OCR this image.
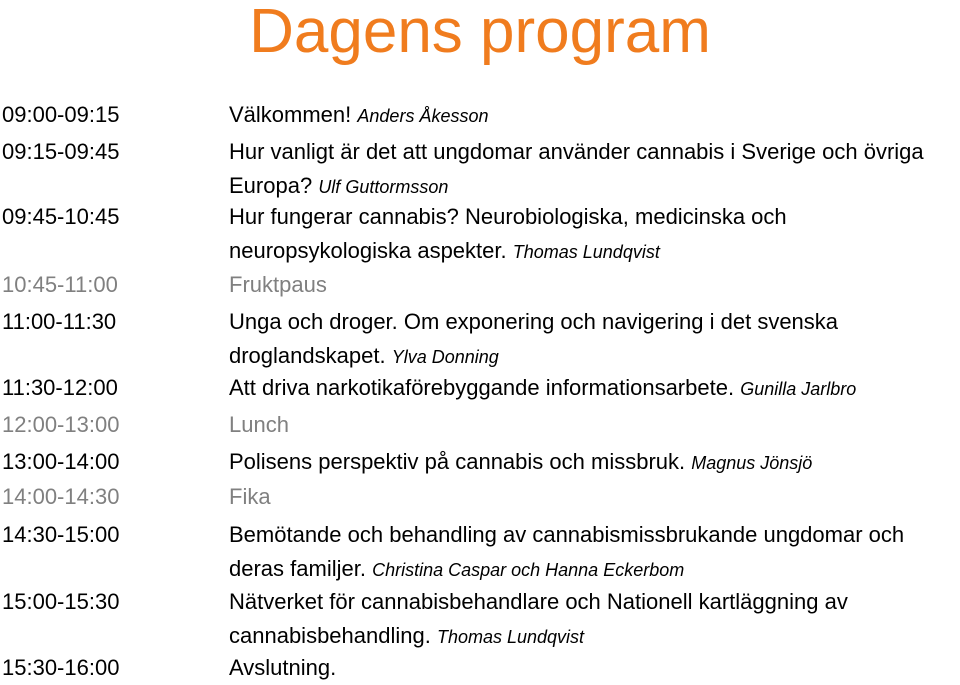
Dagens program
09:00-09:15	Välkommen! Anders Åkesson
09:15-09:45	Hur vanligt är det att ungdomar använder cannabis i Sverige och övriga Europa? Ulf Guttormsson
09:45-10:45	Hur fungerar cannabis? Neurobiologiska, medicinska och neuropsykologiska aspekter. Thomas Lundqvist
10:45-11:00	Fruktpaus
11:00-11:30	Unga och droger. Om exponering och navigering i det svenska droglandskapet. Ylva Donning
11:30-12:00	Att driva narkotikaförebyggande informationsarbete. Gunilla Jarlbro
12:00-13:00	Lunch
13:00-14:00	Polisens perspektiv på cannabis och missbruk. Magnus Jönsjö
14:00-14:30	Fika
14:30-15:00	Bemötande och behandling av cannabismissbrukande ungdomar och deras familjer. Christina Caspar och Hanna Eckerbom
15:00-15:30	Nätverket för cannabisbehandlare och Nationell kartläggning av cannabisbehandling. Thomas Lundqvist
15:30-16:00	Avslutning.
